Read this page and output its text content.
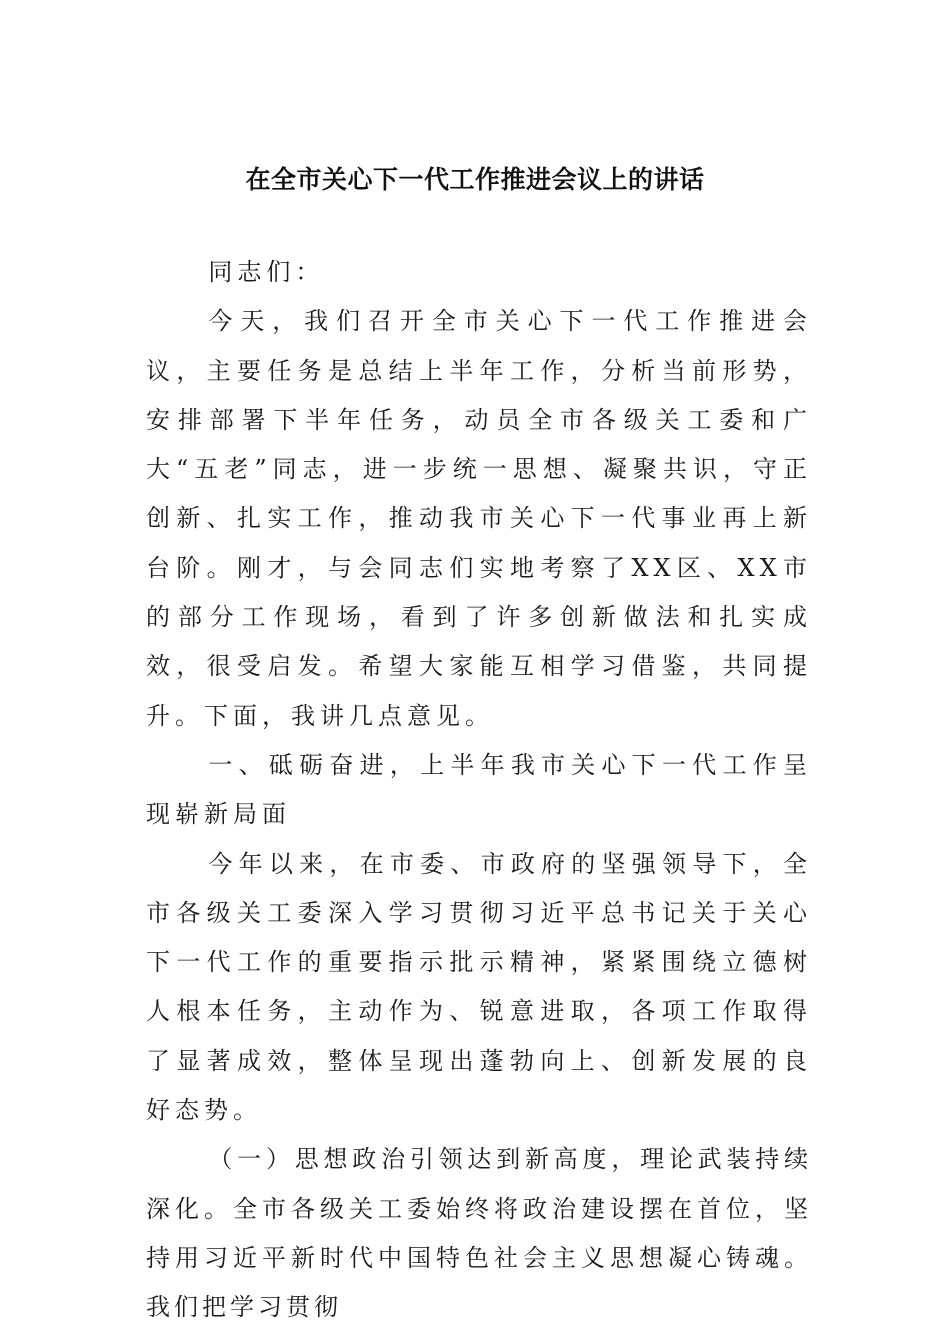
在全市关心下一代工作推进会议上的讲话

同志们：

今天，我们召开全市关心下一代工作推进会议，主要任务是总结上半年工作，分析当前形势，安排部署下半年任务，动员全市各级关工委和广大“五老”同志，进一步统一思想、凝聚共识，守正创新、扎实工作，推动我市关心下一代事业再上新台阶。刚才，与会同志们实地考察了XX区、XX市的部分工作现场，看到了许多创新做法和扎实成效，很受启发。希望大家能互相学习借鉴，共同提升。下面，我讲几点意见。

一、砥砺奋进，上半年我市关心下一代工作呈现崭新局面

今年以来，在市委、市政府的坚强领导下，全市各级关工委深入学习贯彻习近平总书记关于关心下一代工作的重要指示批示精神，紧紧围绕立德树人根本任务，主动作为、锐意进取，各项工作取得了显著成效，整体呈现出蓬勃向上、创新发展的良好态势。

（一）思想政治引领达到新高度，理论武装持续深化。全市各级关工委始终将政治建设摆在首位，坚持用习近平新时代中国特色社会主义思想凝心铸魂。我们把学习贯彻
